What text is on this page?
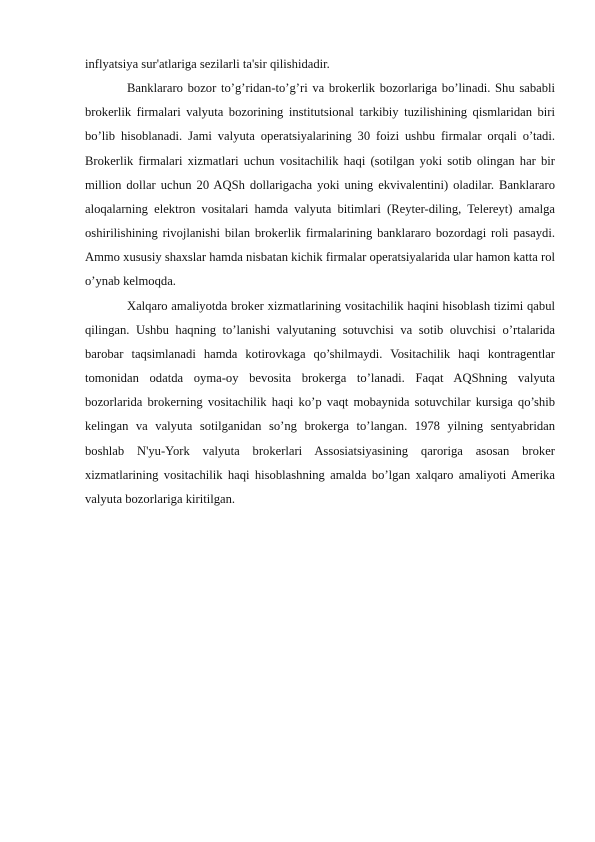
inflyatsiya sur'atlariga sezilarli ta'sir qilishidadir.

Banklararo bozor to’g’ridan-to’g’ri va brokerlik bozorlariga bo’linadi. Shu sababli brokerlik firmalari valyuta bozorining institutsional tarkibiy tuzilishining qismlaridan biri bo’lib hisoblanadi. Jami valyuta operatsiyalarining 30 foizi ushbu firmalar orqali o’tadi. Brokerlik firmalari xizmatlari uchun vositachilik haqi (sotilgan yoki sotib olingan har bir million dollar uchun 20 AQSh dollarigacha yoki uning ekvivalentini) oladilar. Banklararo aloqalarning elektron vositalari hamda valyuta bitimlari (Reyter-diling, Telereyt) amalga oshirilishining rivojlanishi bilan brokerlik firmalarining banklararo bozordagi roli pasaydi. Ammo xususiy shaxslar hamda nisbatan kichik firmalar operatsiyalarida ular hamon katta rol o’ynab kelmoqda.

Xalqaro amaliyotda broker xizmatlarining vositachilik haqini hisoblash tizimi qabul qilingan. Ushbu haqning to’lanishi valyutaning sotuvchisi va sotib oluvchisi o’rtalarida barobar taqsimlanadi hamda kotirovkaga qo’shilmaydi. Vositachilik haqi kontragentlar tomonidan odatda oyma-oy bevosita brokerga to’lanadi. Faqat AQShning valyuta bozorlarida brokerning vositachilik haqi ko’p vaqt mobaynida sotuvchilar kursiga qo’shib kelingan va valyuta sotilganidan so’ng brokerga to’langan. 1978 yilning sentyabridan boshlab N'yu-York valyuta brokerlari Assosiatsiyasining qaroriga asosan broker xizmatlarining vositachilik haqi hisoblashning amalda bo’lgan xalqaro amaliyoti Amerika valyuta bozorlariga kiritilgan.
